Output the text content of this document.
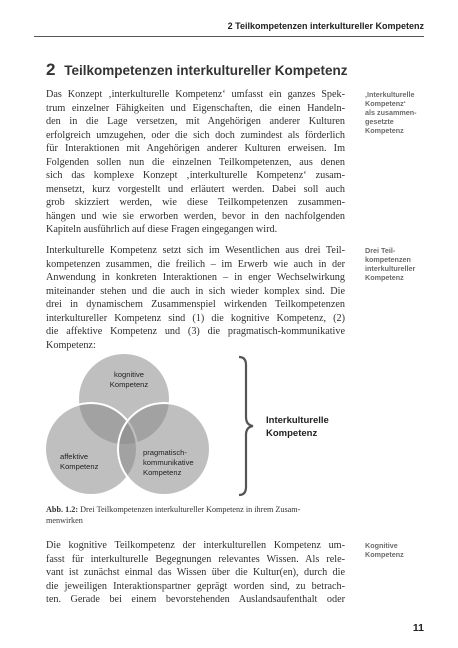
2 Teilkompetenzen interkultureller Kompetenz
2 Teilkompetenzen interkultureller Kompetenz
Das Konzept ‚interkulturelle Kompetenz‘ umfasst ein ganzes Spek-
trum einzelner Fähigkeiten und Eigenschaften, die einen Handeln-
den in die Lage versetzen, mit Angehörigen anderer Kulturen
erfolgreich umzugehen, oder die sich doch zumindest als förderlich
für Interaktionen mit Angehörigen anderer Kulturen erweisen. Im
Folgenden sollen nun die einzelnen Teilkompetenzen, aus denen
sich das komplexe Konzept ‚interkulturelle Kompetenz‘ zusam-
mensetzt, kurz vorgestellt und erläutert werden. Dabei soll auch
grob skizziert werden, wie diese Teilkompetenzen zusammen-
hängen und wie sie erworben werden, bevor in den nachfolgenden
Kapiteln ausführlich auf diese Fragen eingegangen wird.
Interkulturelle Kompetenz setzt sich im Wesentlichen aus drei Teil-
kompetenzen zusammen, die freilich – im Erwerb wie auch in der
Anwendung in konkreten Interaktionen – in enger Wechselwirkung
miteinander stehen und die auch in sich wieder komplex sind. Die
drei in dynamischem Zusammenspiel wirkenden Teilkompetenzen
interkultureller Kompetenz sind (1) die kognitive Kompetenz, (2)
die affektive Kompetenz und (3) die pragmatisch-kommunikative
Kompetenz:
kognitive
Kompetenz
affektive
Kompetenz
pragmatisch-
kommunikative
Kompetenz
Interkulturelle
Kompetenz
Abb. 1.2: Drei Teilkompetenzen interkultureller Kompetenz in ihrem Zusam-
menwirken
Die kognitive Teilkompetenz der interkulturellen Kompetenz um-
fasst für interkulturelle Begegnungen relevantes Wissen. Als rele-
vant ist zunächst einmal das Wissen über die Kultur(en), durch die
die jeweiligen Interaktionspartner geprägt worden sind, zu betrach-
ten. Gerade bei einem bevorstehenden Auslandsaufenthalt oder
‚Interkulturelle
Kompetenz‘
als zusammen-
gesetzte
Kompetenz
Drei Teil-
kompetenzen
interkultureller
Kompetenz
Kognitive
Kompetenz
11
